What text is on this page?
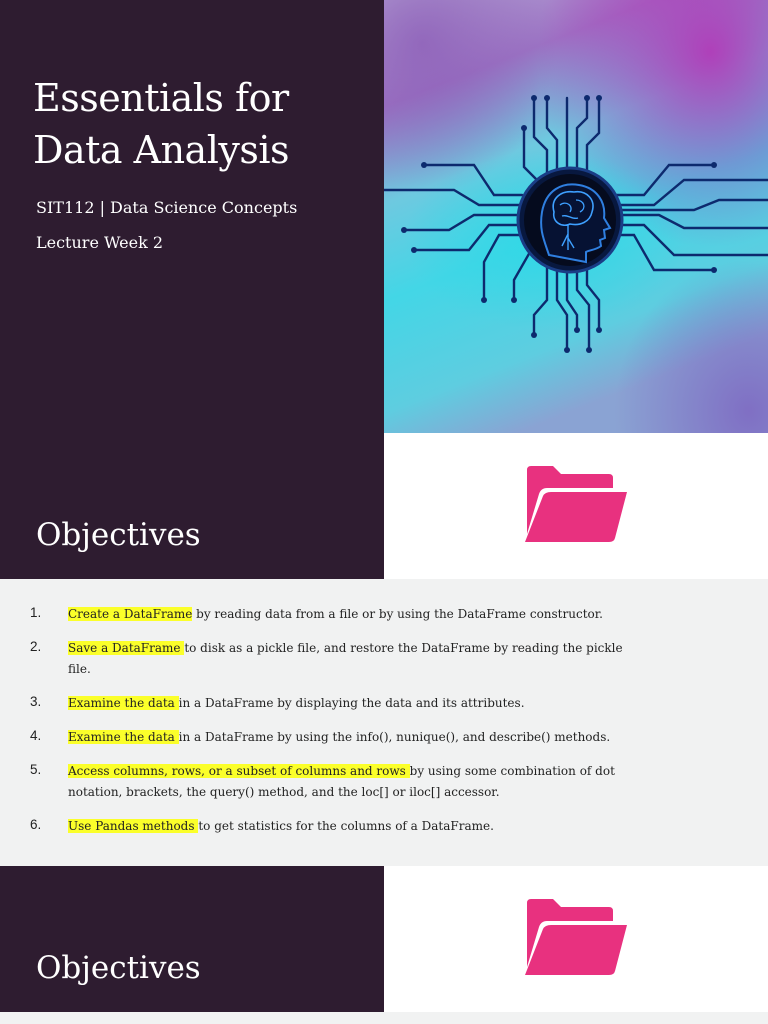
Essentials for Data Analysis

SIT112 | Data Science Concepts

Lecture Week 2

Objectives
1.	Create a DataFrame by reading data from a file or by using the DataFrame constructor.
2.	Save a DataFrame to disk as a pickle file, and restore the DataFrame by reading the pickle file.
3.	Examine the data in a DataFrame by displaying the data and its attributes.
4.	Examine the data in a DataFrame by using the info(), nunique(), and describe() methods.
5.	Access columns, rows, or a subset of columns and rows by using some combination of dot notation, brackets, the query() method, and the loc[] or iloc[] accessor.
6.	Use Pandas methods to get statistics for the columns of a DataFrame.
Objectives
